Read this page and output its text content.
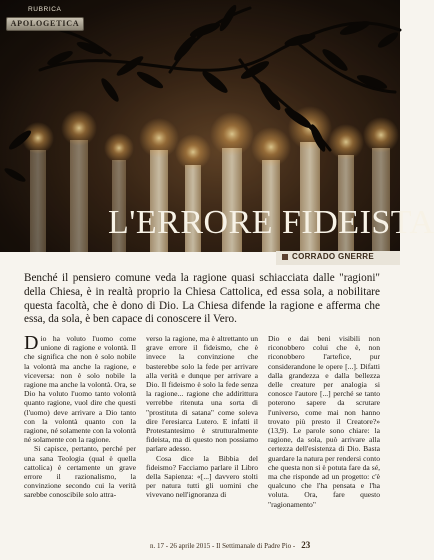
RUBRICA
APOLOGETICA
L'ERRORE FIDEISTA
CORRADO GNERRE
Benché il pensiero comune veda la ragione quasi schiacciata dalle "ragioni" della Chiesa, è in realtà proprio la Chiesa Cattolica, ed essa sola, a nobilitare questa facoltà, che è dono di Dio. La Chiesa difende la ragione e afferma che essa, da sola, è ben capace di conoscere il Vero.

Dio ha voluto l'uomo come unione di ragione e volontà. Il che significa che non è solo nobile la volontà ma anche la ragione, e viceversa: non è solo nobile la ragione ma anche la volontà. Ora, se Dio ha voluto l'uomo tanto volontà quanto ragione, vuol dire che questi (l'uomo) deve arrivare a Dio tanto con la volontà quanto con la ragione, né solamente con la volontà né solamente con la ragione.

Si capisce, pertanto, perché per una sana Teologia (qual è quella cattolica) è certamente un grave errore il razionalismo, la convinzione secondo cui la verità sarebbe conoscibile solo attra-

verso la ragione, ma è altrettanto un grave errore il fideismo, che è invece la convinzione che basterebbe solo la fede per arrivare alla verità e dunque per arrivare a Dio. Il fideismo è solo la fede senza la ragione... ragione che addirittura verrebbe ritenuta una sorta di "prostituta di satana" come soleva dire l'eresiarca Lutero. E infatti il Protestantesimo è strutturalmente fideista, ma di questo non possiamo parlare adesso.

Cosa dice la Bibbia del fideismo? Facciamo parlare il Libro della Sapienza: «[...] davvero stolti per natura tutti gli uomini che vivevano nell'ignoranza di

Dio e dai beni visibili non riconobbero colui che è, non riconobbero l'artefice, pur considerandone le opere [...]. Difatti dalla grandezza e dalla bellezza delle creature per analogia si conosce l'autore [...] perché se tanto poterono sapere da scrutare l'universo, come mai non hanno trovato più presto il Creatore?» (13,9). Le parole sono chiare: la ragione, da sola, può arrivare alla certezza dell'esistenza di Dio. Basta guardare la natura per rendersi conto che questa non si è potuta fare da sé, ma che risponde ad un progetto: c'è qualcuno che l'ha pensata e l'ha voluta. Ora, fare questo "ragionamento"

n. 17 - 26 aprile 2015 - Il Settimanale di Padre Pio - 23
